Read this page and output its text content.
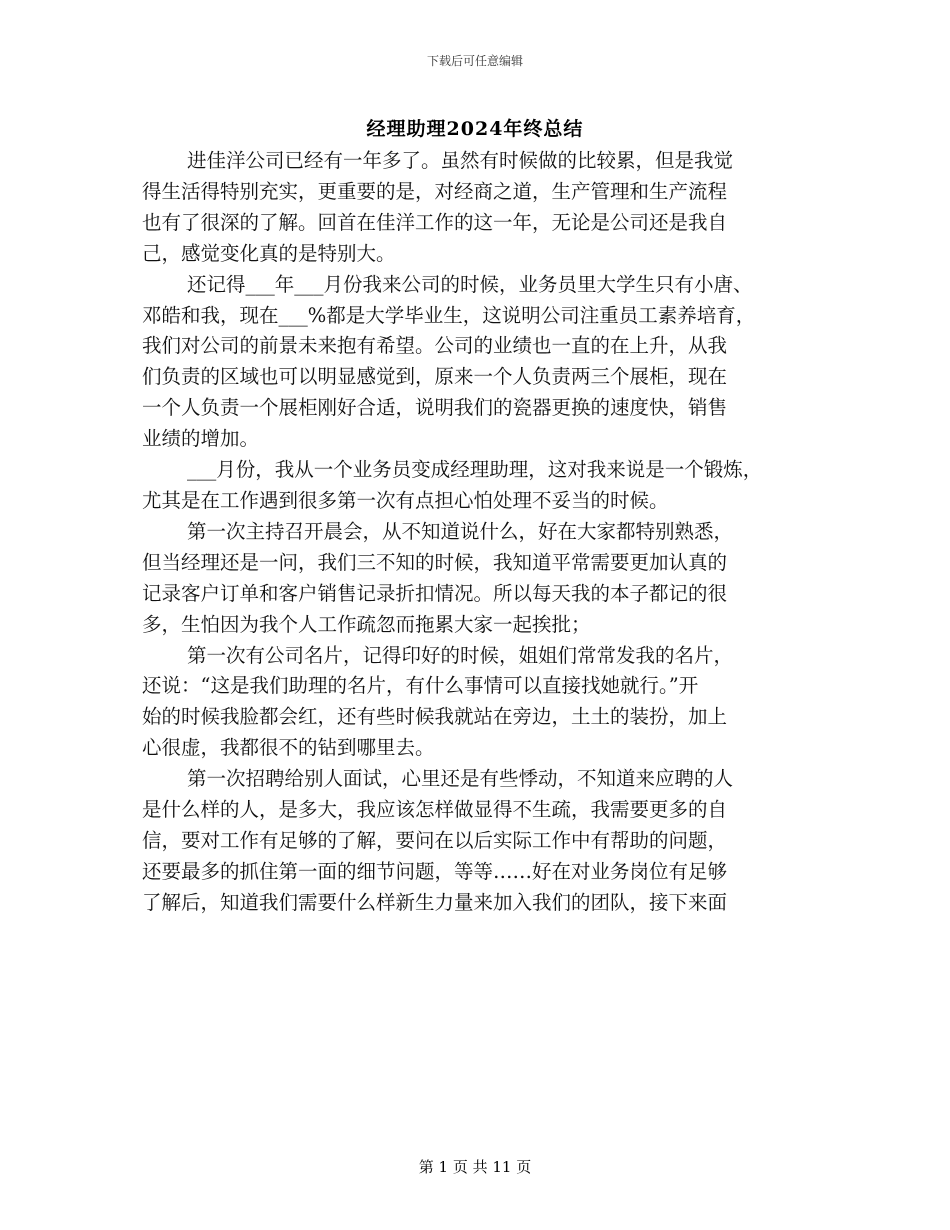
下载后可任意编辑
经理助理2024年终总结
进佳洋公司已经有一年多了。虽然有时候做的比较累，但是我觉
得生活得特别充实，更重要的是，对经商之道，生产管理和生产流程
也有了很深的了解。回首在佳洋工作的这一年，无论是公司还是我自
己，感觉变化真的是特别大。
还记得___年___月份我来公司的时候，业务员里大学生只有小唐、
邓皓和我，现在___%都是大学毕业生，这说明公司注重员工素养培育，
我们对公司的前景未来抱有希望。公司的业绩也一直的在上升，从我
们负责的区域也可以明显感觉到，原来一个人负责两三个展柜，现在
一个人负责一个展柜刚好合适，说明我们的瓷器更换的速度快，销售
业绩的增加。
___月份，我从一个业务员变成经理助理，这对我来说是一个锻炼，
尤其是在工作遇到很多第一次有点担心怕处理不妥当的时候。
第一次主持召开晨会，从不知道说什么，好在大家都特别熟悉，
但当经理还是一问，我们三不知的时候，我知道平常需要更加认真的
记录客户订单和客户销售记录折扣情况。所以每天我的本子都记的很
多，生怕因为我个人工作疏忽而拖累大家一起挨批；
第一次有公司名片，记得印好的时候，姐姐们常常发我的名片，
还说：“这是我们助理的名片，有什么事情可以直接找她就行。”开
始的时候我脸都会红，还有些时候我就站在旁边，土土的装扮，加上
心很虚，我都很不的钻到哪里去。
第一次招聘给别人面试，心里还是有些悸动，不知道来应聘的人
是什么样的人，是多大，我应该怎样做显得不生疏，我需要更多的自
信，要对工作有足够的了解，要问在以后实际工作中有帮助的问题，
还要最多的抓住第一面的细节问题，等等……好在对业务岗位有足够
了解后，知道我们需要什么样新生力量来加入我们的团队，接下来面
第 1 页 共 11 页
